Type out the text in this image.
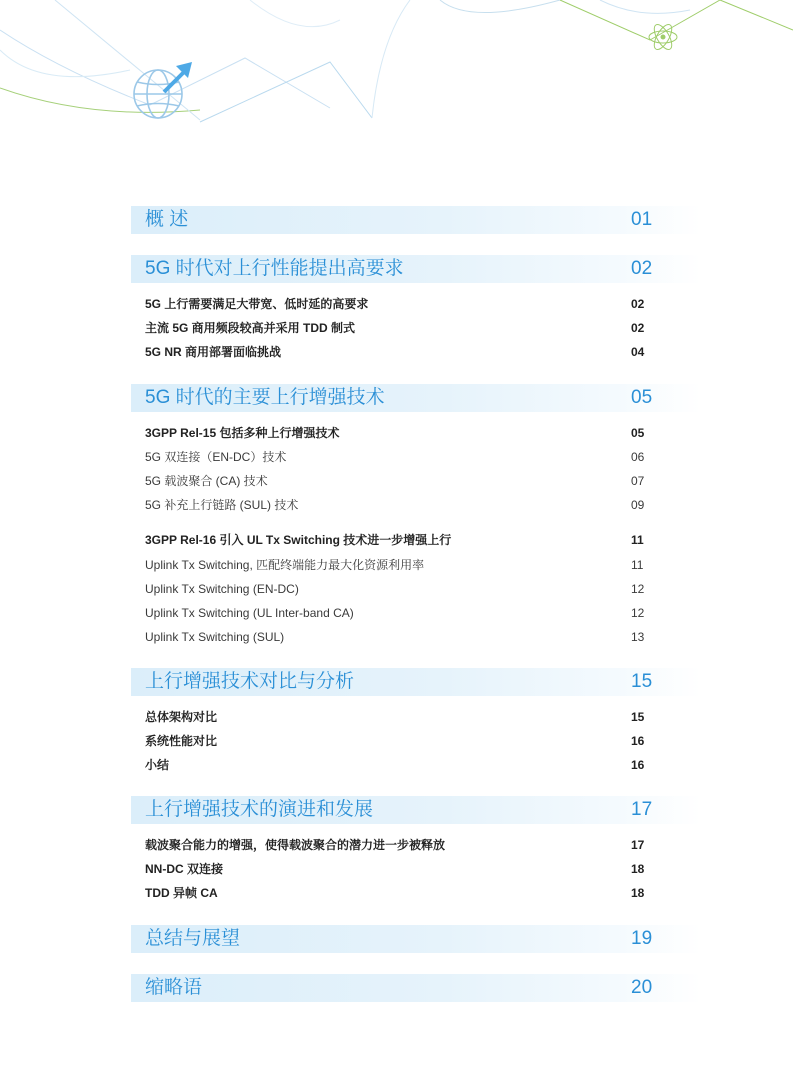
概 述	01
5G 时代对上行性能提出高要求	02
5G 上行需要满足大带宽、低时延的高要求	02
主流 5G 商用频段较高并采用 TDD 制式	02
5G NR 商用部署面临挑战	04
5G 时代的主要上行增强技术	05
3GPP Rel-15 包括多种上行增强技术	05
5G 双连接（EN-DC）技术	06
5G 载波聚合 (CA) 技术	07
5G 补充上行链路 (SUL) 技术	09
3GPP Rel-16 引入 UL Tx Switching 技术进一步增强上行	11
Uplink Tx Switching, 匹配终端能力最大化资源利用率	11
Uplink Tx Switching (EN-DC)	12
Uplink Tx Switching (UL Inter-band CA)	12
Uplink Tx Switching (SUL)	13
上行增强技术对比与分析	15
总体架构对比	15
系统性能对比	16
小结	16
上行增强技术的演进和发展	17
载波聚合能力的增强，使得载波聚合的潜力进一步被释放	17
NN-DC 双连接	18
TDD 异帧 CA	18
总结与展望	19
缩略语	20
